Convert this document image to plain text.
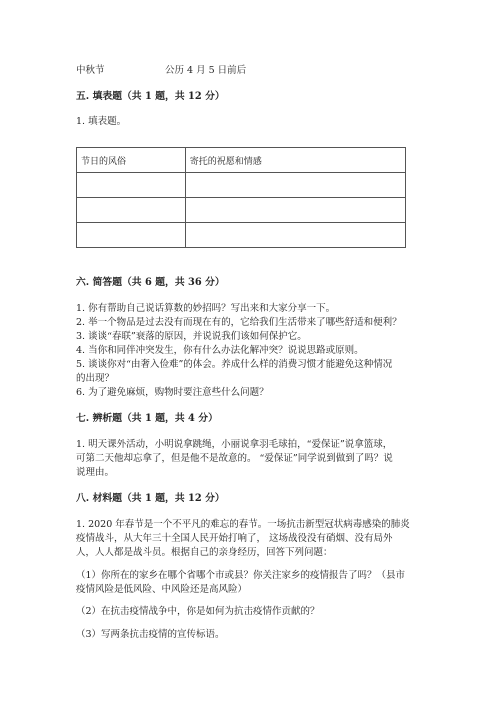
中秋节	公历 4 月 5 日前后
五. 填表题（共 1 题，共 12 分）
1. 填表题。
节日的风俗	寄托的祝愿和情感

六. 简答题（共 6 题，共 36 分）
1. 你有帮助自己说话算数的妙招吗？写出来和大家分享一下。
2. 举一个物品是过去没有而现在有的，它给我们生活带来了哪些舒适和便利？
3. 谈谈“春联”衰落的原因，并说说我们该如何保护它。
4. 当你和同伴冲突发生，你有什么办法化解冲突？说说思路或原则。
5. 谈谈你对“由奢入俭难”的体会。养成什么样的消费习惯才能避免这种情况
的出现？
6. 为了避免麻烦，购物时要注意些什么问题？
七. 辨析题（共 1 题，共 4 分）
1. 明天课外活动，小明说拿跳绳，小丽说拿羽毛球拍，“爱保证”说拿篮球，
可第二天他却忘拿了，但是他不是故意的。 “爱保证”同学说到做到了吗？说
说理由。
八. 材料题（共 1 题，共 12 分）
1. 2020 年春节是一个不平凡的难忘的春节。一场抗击新型冠状病毒感染的肺炎
疫情战斗，从大年三十全国人民开始打响了， 这场战役没有硝烟、没有局外
人，人人都是战斗员。根据自己的亲身经历，回答下列问题：
（1）你所在的家乡在哪个省哪个市或县？你关注家乡的疫情报告了吗？（县市
疫情风险是低风险、中风险还是高风险）
（2）在抗击疫情战争中，你是如何为抗击疫情作贡献的？
（3）写两条抗击疫情的宣传标语。
